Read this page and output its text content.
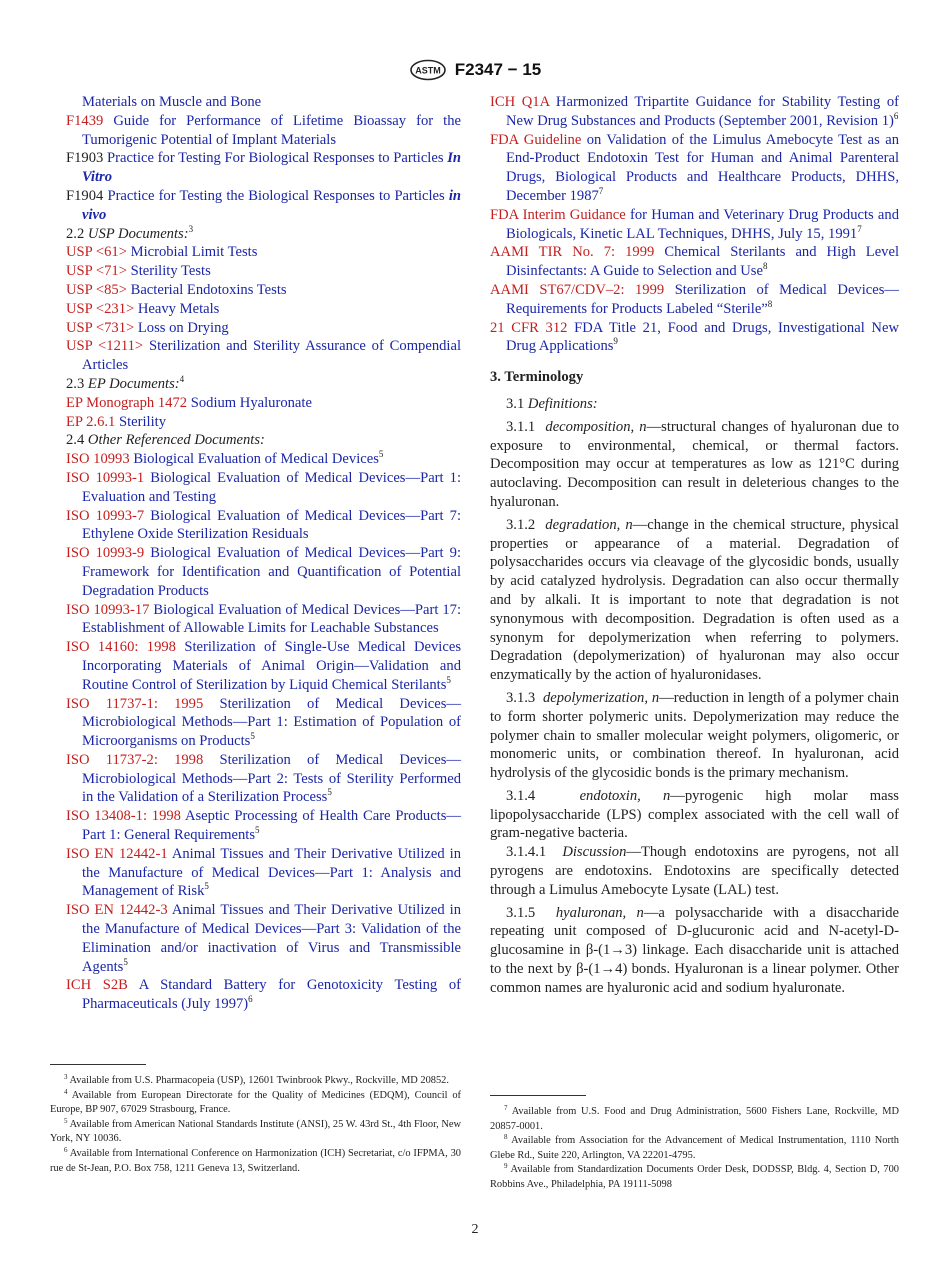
ASTM F2347 − 15
Materials on Muscle and Bone
F1439 Guide for Performance of Lifetime Bioassay for the Tumorigenic Potential of Implant Materials
F1903 Practice for Testing For Biological Responses to Particles In Vitro
F1904 Practice for Testing the Biological Responses to Particles in vivo
2.2 USP Documents:$^3$
USP <61> Microbial Limit Tests
USP <71> Sterility Tests
USP <85> Bacterial Endotoxins Tests
USP <231> Heavy Metals
USP <731> Loss on Drying
USP <1211> Sterilization and Sterility Assurance of Compendial Articles
2.3 EP Documents:$^4$
EP Monograph 1472 Sodium Hyaluronate
EP 2.6.1 Sterility
2.4 Other Referenced Documents:
ISO 10993 Biological Evaluation of Medical Devices$^5$
ISO 10993-1 Biological Evaluation of Medical Devices—Part 1: Evaluation and Testing
ISO 10993-7 Biological Evaluation of Medical Devices—Part 7: Ethylene Oxide Sterilization Residuals
ISO 10993-9 Biological Evaluation of Medical Devices—Part 9: Framework for Identification and Quantification of Potential Degradation Products
ISO 10993-17 Biological Evaluation of Medical Devices—Part 17: Establishment of Allowable Limits for Leachable Substances
ISO 14160: 1998 Sterilization of Single-Use Medical Devices Incorporating Materials of Animal Origin—Validation and Routine Control of Sterilization by Liquid Chemical Sterilants$^5$
ISO 11737-1: 1995 Sterilization of Medical Devices—Microbiological Methods—Part 1: Estimation of Population of Microorganisms on Products$^5$
ISO 11737-2: 1998 Sterilization of Medical Devices—Microbiological Methods—Part 2: Tests of Sterility Performed in the Validation of a Sterilization Process$^5$
ISO 13408-1: 1998 Aseptic Processing of Health Care Products—Part 1: General Requirements$^5$
ISO EN 12442-1 Animal Tissues and Their Derivative Utilized in the Manufacture of Medical Devices—Part 1: Analysis and Management of Risk$^5$
ISO EN 12442-3 Animal Tissues and Their Derivative Utilized in the Manufacture of Medical Devices—Part 3: Validation of the Elimination and/or inactivation of Virus and Transmissible Agents$^5$
ICH S2B A Standard Battery for Genotoxicity Testing of Pharmaceuticals (July 1997)$^6$
ICH Q1A Harmonized Tripartite Guidance for Stability Testing of New Drug Substances and Products (September 2001, Revision 1)$^6$
FDA Guideline on Validation of the Limulus Amebocyte Test as an End-Product Endotoxin Test for Human and Animal Parenteral Drugs, Biological Products and Healthcare Products, DHHS, December 1987$^7$
FDA Interim Guidance for Human and Veterinary Drug Products and Biologicals, Kinetic LAL Techniques, DHHS, July 15, 1991$^7$
AAMI TIR No. 7: 1999 Chemical Sterilants and High Level Disinfectants: A Guide to Selection and Use$^8$
AAMI ST67/CDV–2: 1999 Sterilization of Medical Devices—Requirements for Products Labeled “Sterile”$^8$
21 CFR 312 FDA Title 21, Food and Drugs, Investigational New Drug Applications$^9$
3. Terminology
3.1 Definitions:
3.1.1 decomposition, n—structural changes of hyaluronan due to exposure to environmental, chemical, or thermal factors. Decomposition may occur at temperatures as low as 121°C during autoclaving. Decomposition can result in deleterious changes to the hyaluronan.
3.1.2 degradation, n—change in the chemical structure, physical properties or appearance of a material. Degradation of polysaccharides occurs via cleavage of the glycosidic bonds, usually by acid catalyzed hydrolysis. Degradation can also occur thermally and by alkali. It is important to note that degradation is not synonymous with decomposition. Degradation is often used as a synonym for depolymerization when referring to polymers. Degradation (depolymerization) of hyaluronan may also occur enzymatically by the action of hyaluronidases.
3.1.3 depolymerization, n—reduction in length of a polymer chain to form shorter polymeric units. Depolymerization may reduce the polymer chain to smaller molecular weight polymers, oligomeric, or monomeric units, or combination thereof. In hyaluronan, acid hydrolysis of the glycosidic bonds is the primary mechanism.
3.1.4	endotoxin, n—pyrogenic high molar mass lipopolysaccharide (LPS) complex associated with the cell wall of gram-negative bacteria.
3.1.4.1 Discussion—Though endotoxins are pyrogens, not all pyrogens are endotoxins. Endotoxins are specifically detected through a Limulus Amebocyte Lysate (LAL) test.
3.1.5 hyaluronan, n—a polysaccharide with a disaccharide repeating unit composed of D-glucuronic acid and N-acetyl-D-glucosamine in β-(1→3) linkage. Each disaccharide unit is attached to the next by β-(1→4) bonds. Hyaluronan is a linear polymer. Other common names are hyaluronic acid and sodium hyaluronate.
$^3$ Available from U.S. Pharmacopeia (USP), 12601 Twinbrook Pkwy., Rockville, MD 20852.
$^4$ Available from European Directorate for the Quality of Medicines (EDQM), Council of Europe, BP 907, 67029 Strasbourg, France.
$^5$ Available from American National Standards Institute (ANSI), 25 W. 43rd St., 4th Floor, New York, NY 10036.
$^6$ Available from International Conference on Harmonization (ICH) Secretariat, c/o IFPMA, 30 rue de St-Jean, P.O. Box 758, 1211 Geneva 13, Switzerland.
$^7$ Available from U.S. Food and Drug Administration, 5600 Fishers Lane, Rockville, MD 20857-0001.
$^8$ Available from Association for the Advancement of Medical Instrumentation, 1110 North Glebe Rd., Suite 220, Arlington, VA 22201-4795.
$^9$ Available from Standardization Documents Order Desk, DODSSP, Bldg. 4, Section D, 700 Robbins Ave., Philadelphia, PA 19111-5098
2
